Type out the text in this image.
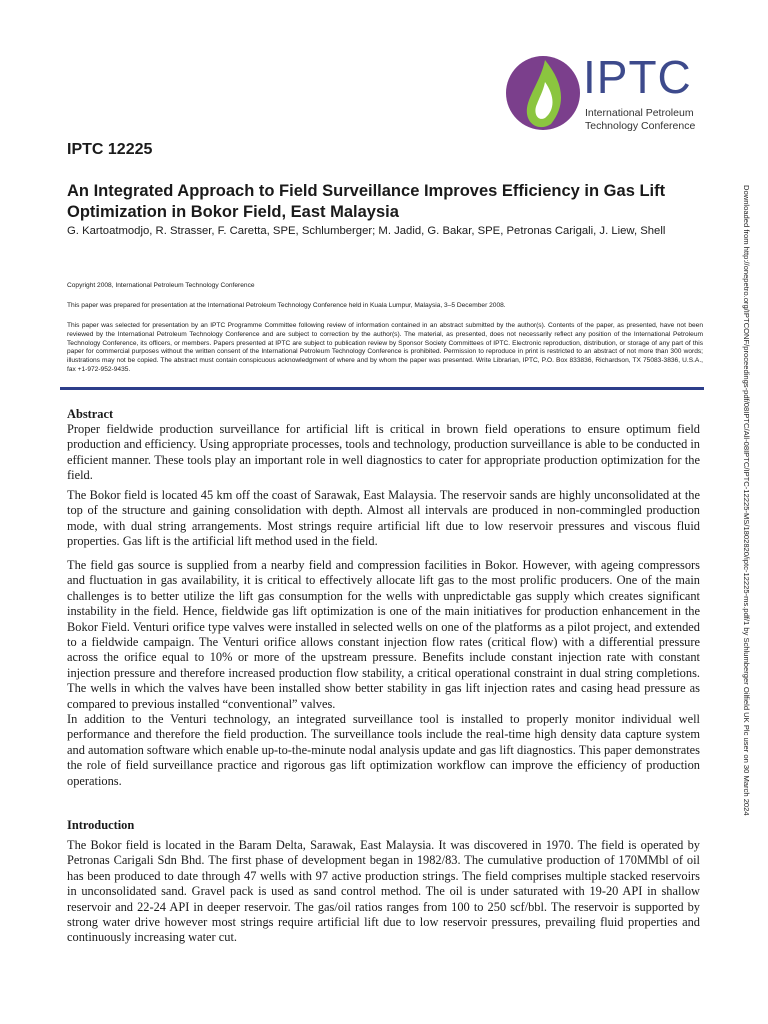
IPTC
International Petroleum
Technology Conference
IPTC 12225
An Integrated Approach to Field Surveillance Improves Efficiency in Gas Lift Optimization in Bokor Field, East Malaysia

G. Kartoatmodjo, R. Strasser, F. Caretta, SPE, Schlumberger; M. Jadid, G. Bakar, SPE, Petronas Carigali, J. Liew, Shell

Copyright 2008, International Petroleum Technology Conference

This paper was prepared for presentation at the International Petroleum Technology Conference held in Kuala Lumpur, Malaysia, 3–5 December 2008.

This paper was selected for presentation by an IPTC Programme Committee following review of information contained in an abstract submitted by the author(s). Contents of the paper, as presented, have not been reviewed by the International Petroleum Technology Conference and are subject to correction by the author(s). The material, as presented, does not necessarily reflect any position of the International Petroleum Technology Conference, its officers, or members. Papers presented at IPTC are subject to publication review by Sponsor Society Committees of IPTC. Electronic reproduction, distribution, or storage of any part of this paper for commercial purposes without the written consent of the International Petroleum Technology Conference is prohibited. Permission to reproduce in print is restricted to an abstract of not more than 300 words; illustrations may not be copied. The abstract must contain conspicuous acknowledgment of where and by whom the paper was presented. Write Librarian, IPTC, P.O. Box 833836, Richardson, TX 75083-3836, U.S.A., fax +1-972-952-9435.	Downloaded from http://onepetro.org/IPTCONF/proceedings-pdf/08IPTC/All-08IPTC/IPTC-12225-MS/1802820/iptc-12225-ms.pdf/1 by Schlumberger Oilfield UK Plc user on 30 March 2024
Abstract

Proper fieldwide production surveillance for artificial lift is critical in brown field operations to ensure optimum field production and efficiency. Using appropriate processes, tools and technology, production surveillance is able to be conducted in efficient manner. These tools play an important role in well diagnostics to cater for appropriate production optimization for the field.

The Bokor field is located 45 km off the coast of Sarawak, East Malaysia. The reservoir sands are highly unconsolidated at the top of the structure and gaining consolidation with depth. Almost all intervals are produced in non-commingled production mode, with dual string arrangements. Most strings require artificial lift due to low reservoir pressures and viscous fluid properties. Gas lift is the artificial lift method used in the field.

The field gas source is supplied from a nearby field and compression facilities in Bokor. However, with ageing compressors and fluctuation in gas availability, it is critical to effectively allocate lift gas to the most prolific producers. One of the main challenges is to better utilize the lift gas consumption for the wells with unpredictable gas supply which creates significant instability in the field. Hence, fieldwide gas lift optimization is one of the main initiatives for production enhancement in the Bokor Field. Venturi orifice type valves were installed in selected wells on one of the platforms as a pilot project, and extended to a fieldwide campaign. The Venturi orifice allows constant injection flow rates (critical flow) with a differential pressure across the orifice equal to 10% or more of the upstream pressure. Benefits include constant injection rate with constant injection pressure and therefore increased production flow stability, a critical operational constraint in dual string completions. The wells in which the valves have been installed show better stability in gas lift injection rates and casing head pressure as compared to previous installed “conventional” valves.

In addition to the Venturi technology, an integrated surveillance tool is installed to properly monitor individual well performance and therefore the field production. The surveillance tools include the real-time high density data capture system and automation software which enable up-to-the-minute nodal analysis update and gas lift diagnostics. This paper demonstrates the role of field surveillance practice and rigorous gas lift optimization workflow can improve the efficiency of production operations.

Introduction

The Bokor field is located in the Baram Delta, Sarawak, East Malaysia. It was discovered in 1970. The field is operated by Petronas Carigali Sdn Bhd. The first phase of development began in 1982/83. The cumulative production of 170MMbl of oil has been produced to date through 47 wells with 97 active production strings. The field comprises multiple stacked reservoirs in unconsolidated sand. Gravel pack is used as sand control method. The oil is under saturated with 19-20 API in shallow reservoir and 22-24 API in deeper reservoir. The gas/oil ratios ranges from 100 to 250 scf/bbl. The reservoir is supported by strong water drive however most strings require artificial lift due to low reservoir pressures, prevailing fluid properties and continuously increasing water cut.
